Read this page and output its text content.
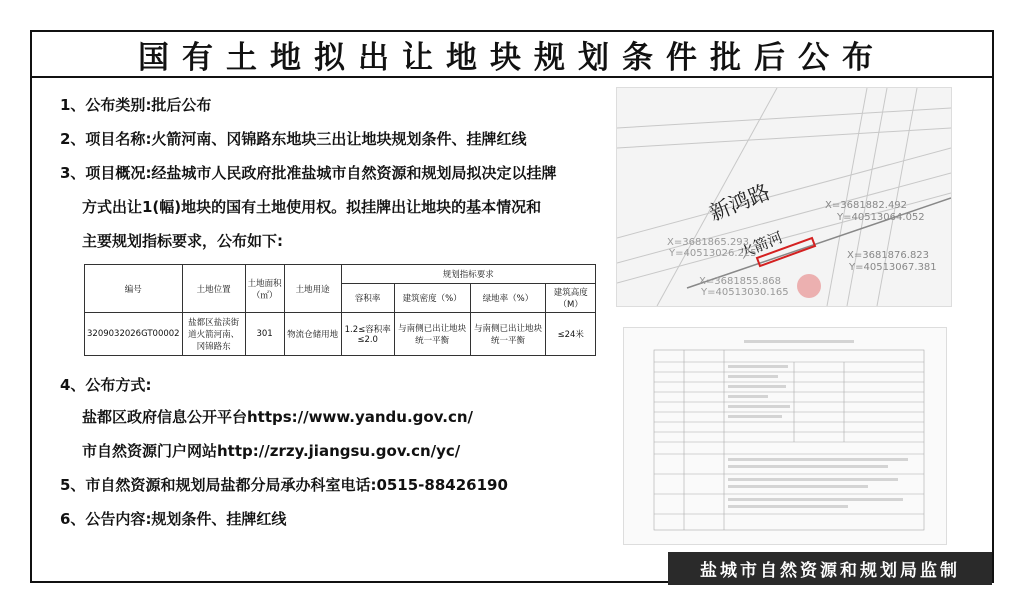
国有土地拟出让地块规划条件批后公布
1、公布类别:批后公布
2、项目名称:火箭河南、冈锦路东地块三出让地块规划条件、挂牌红线
3、项目概况:经盐城市人民政府批准盐城市自然资源和规划局拟决定以挂牌
方式出让1(幅)地块的国有土地使用权。拟挂牌出让地块的基本情况和
主要规划指标要求，公布如下:
4、公布方式:
盐都区政府信息公开平台https://www.yandu.gov.cn/
市自然资源门户网站http://zrzy.jiangsu.gov.cn/yc/
5、市自然资源和规划局盐都分局承办科室电话:0515-88426190
6、公告内容:规划条件、挂牌红线
编号	土地位置	土地面积（㎡）	土地用途	规划指标要求			
				容积率	建筑密度（%）	绿地率（%）	建筑高度（M）
3209032026GT00002	盐都区盐渎街道火箭河南、冈锦路东	301	物流仓储用地	1.2≤容积率≤2.0	与南侧已出让地块统一平衡	与南侧已出让地块统一平衡	≤24米
新鸿路
火箭河
X=3681882.492
Y=40513064.052
X=3681876.823
Y=40513067.381
X=3681865.293
Y=40513026.225
X=3681855.868
Y=40513030.165
盐城市自然资源和规划局监制
